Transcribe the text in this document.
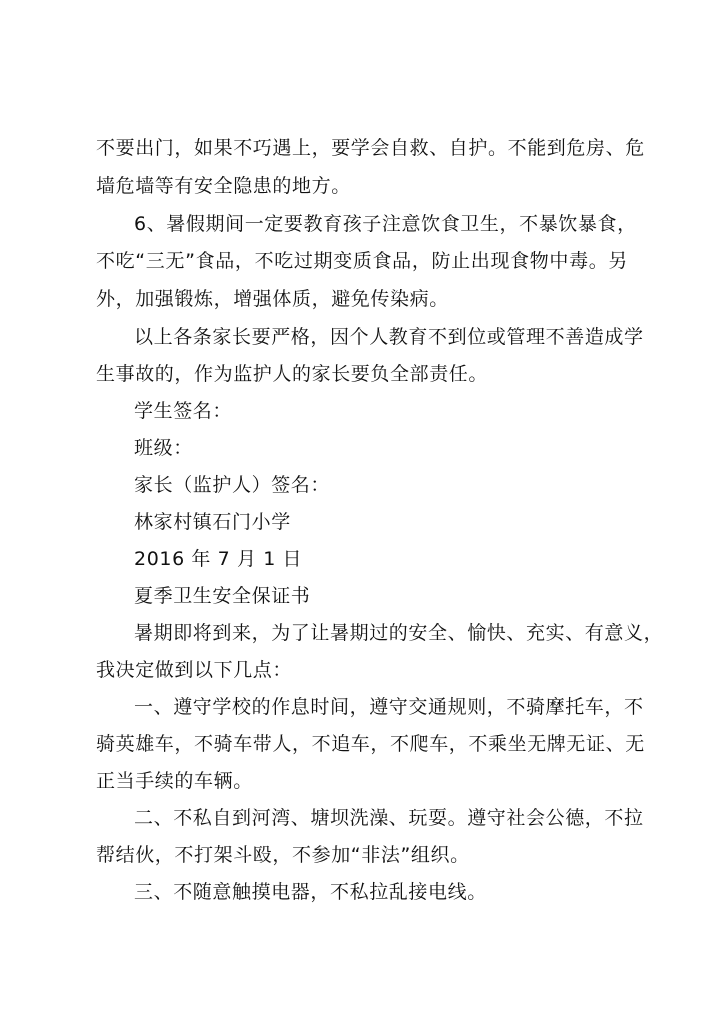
不要出门，如果不巧遇上，要学会自救、自护。不能到危房、危
墙危墙等有安全隐患的地方。
6、暑假期间一定要教育孩子注意饮食卫生，不暴饮暴食，
不吃“三无”食品，不吃过期变质食品，防止出现食物中毒。另
外，加强锻炼，增强体质，避免传染病。
以上各条家长要严格，因个人教育不到位或管理不善造成学
生事故的，作为监护人的家长要负全部责任。
学生签名：
班级：
家长（监护人）签名：
林家村镇石门小学
2016 年 7 月 1 日
夏季卫生安全保证书
暑期即将到来，为了让暑期过的安全、愉快、充实、有意义，
我决定做到以下几点：
一、遵守学校的作息时间，遵守交通规则，不骑摩托车，不
骑英雄车，不骑车带人，不追车，不爬车，不乘坐无牌无证、无
正当手续的车辆。
二、不私自到河湾、塘坝洗澡、玩耍。遵守社会公德，不拉
帮结伙，不打架斗殴，不参加“非法”组织。
三、不随意触摸电器，不私拉乱接电线。
